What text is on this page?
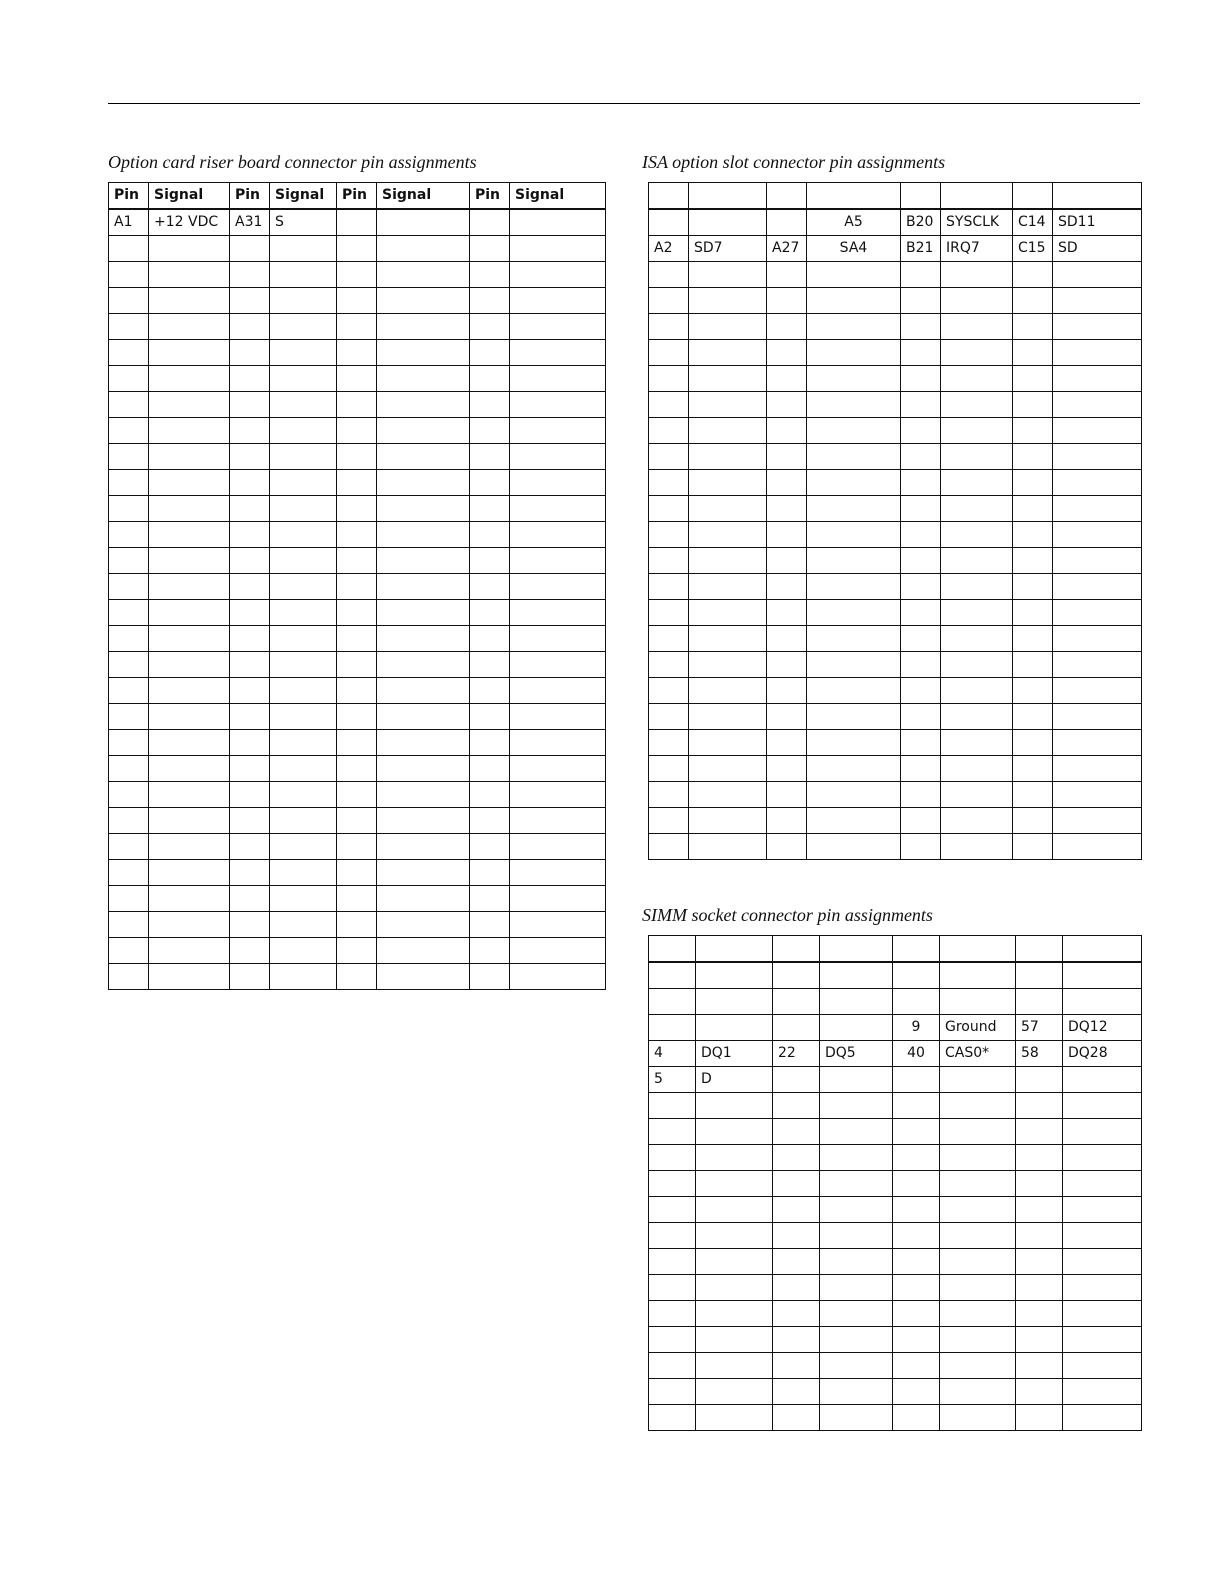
Option card riser board connector pin assignments
Pin	Signal	Pin	Signal	Pin	Signal	Pin	Signal
A1	+12 VDC	A31	S				

ISA option slot connector pin assignments

			A5	B20	SYSCLK	C14	SD11
A2	SD7	A27	SA4	B21	IRQ7	C15	SD

SIMM socket connector pin assignments

				9	Ground	57	DQ12
4	DQ1	22	DQ5	40	CAS0*	58	DQ28
5	D						
